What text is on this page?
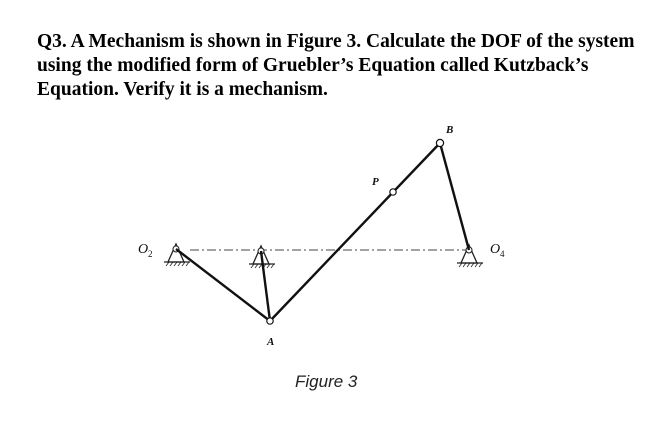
Q3. A Mechanism is shown in Figure 3. Calculate the DOF of the system using the modified form of Gruebler’s Equation called Kutzback’s Equation. Verify it is a mechanism.

B
P
A
O 2	O 4
Figure 3
